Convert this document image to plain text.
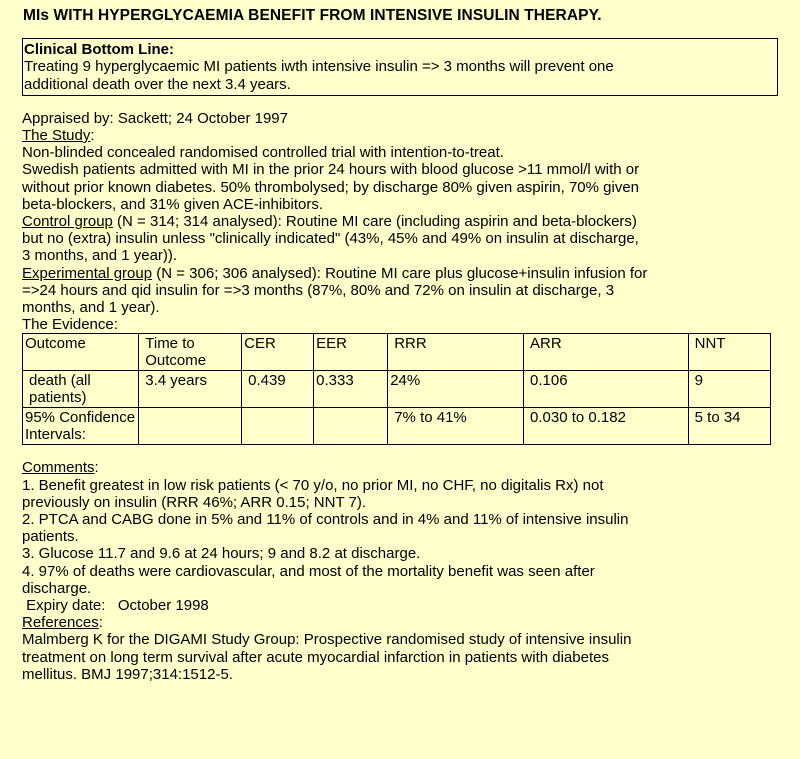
MIs WITH HYPERGLYCAEMIA BENEFIT FROM INTENSIVE INSULIN THERAPY.
Clinical Bottom Line:
Treating 9 hyperglycaemic MI patients iwth intensive insulin => 3 months will prevent one
additional death over the next 3.4 years.
Appraised by: Sackett; 24 October 1997
The Study:
Non-blinded concealed randomised controlled trial with intention-to-treat.
Swedish patients admitted with MI in the prior 24 hours with blood glucose >11 mmol/l with or
without prior known diabetes. 50% thrombolysed; by discharge 80% given aspirin, 70% given
beta-blockers, and 31% given ACE-inhibitors.
Control group (N = 314; 314 analysed): Routine MI care (including aspirin and beta-blockers)
but no (extra) insulin unless "clinically indicated" (43%, 45% and 49% on insulin at discharge,
3 months, and 1 year)).
Experimental group (N = 306; 306 analysed): Routine MI care plus glucose+insulin infusion for
=>24 hours and qid insulin for =>3 months (87%, 80% and 72% on insulin at discharge, 3
months, and 1 year).
The Evidence:
Outcome	Time to Outcome	CER	EER	RRR	ARR	NNT
death (all patients)	3.4 years	0.439	0.333	24%	0.106	9
95% Confidence Intervals:				7% to 41%	0.030 to 0.182	5 to 34
Comments:
1. Benefit greatest in low risk patients (< 70 y/o, no prior MI, no CHF, no digitalis Rx) not
previously on insulin (RRR 46%; ARR 0.15; NNT 7).
2. PTCA and CABG done in 5% and 11% of controls and in 4% and 11% of intensive insulin
patients.
3. Glucose 11.7 and 9.6 at 24 hours; 9 and 8.2 at discharge.
4. 97% of deaths were cardiovascular, and most of the mortality benefit was seen after
discharge.
Expiry date:   October 1998
References:
Malmberg K for the DIGAMI Study Group: Prospective randomised study of intensive insulin
treatment on long term survival after acute myocardial infarction in patients with diabetes
mellitus. BMJ 1997;314:1512-5.
